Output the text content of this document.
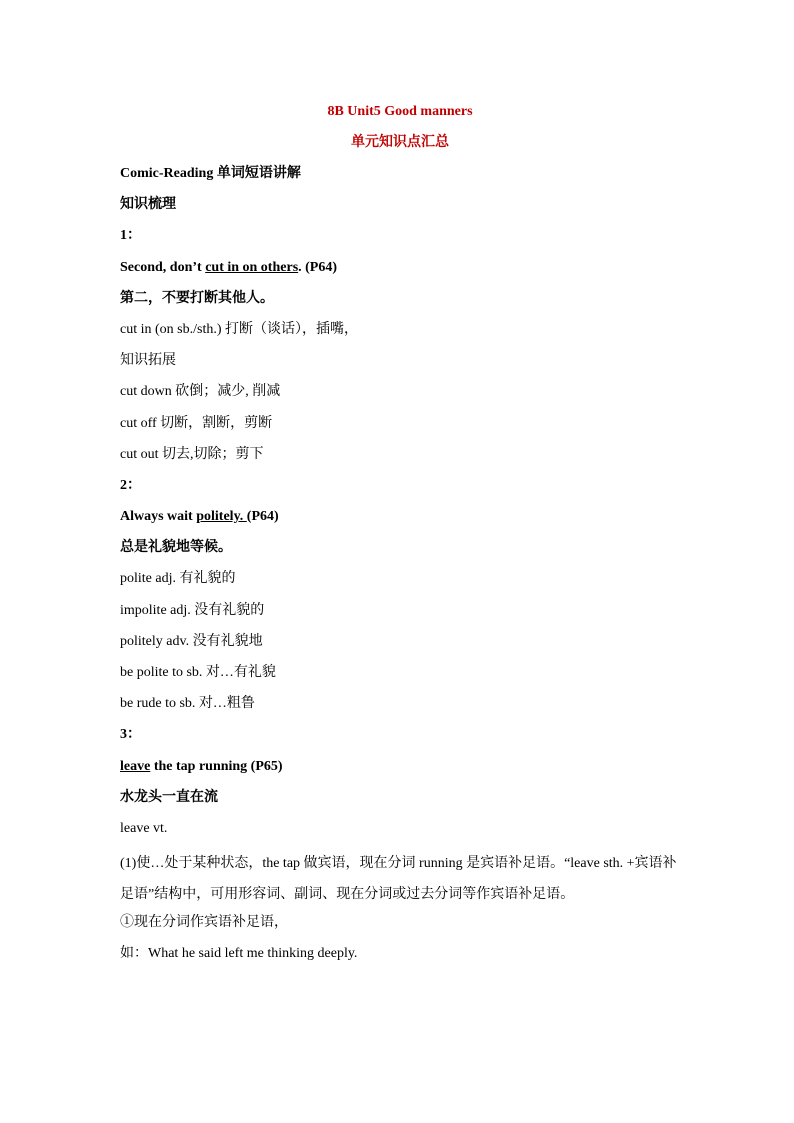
8B Unit5 Good manners
单元知识点汇总
Comic-Reading 单词短语讲解
知识梳理
1：
Second, don’t cut in on others. (P64)
第二，不要打断其他人。
cut in (on sb./sth.) 打断（谈话），插嘴，
知识拓展
cut down 砍倒；减少, 削减
cut off 切断，割断，剪断
cut out 切去,切除；剪下
2：
Always wait politely. (P64)
总是礼貌地等候。
polite adj. 有礼貌的
impolite adj. 没有礼貌的
politely adv. 没有礼貌地
be polite to sb. 对…有礼貌
be rude to sb. 对…粗鲁
3：
leave the tap running (P65)
水龙头一直在流
leave vt.
(1)使…处于某种状态，the tap 做宾语，现在分词 running 是宾语补足语。“leave sth. +宾语补足语”结构中，可用形容词、副词、现在分词或过去分词等作宾语补足语。
①现在分词作宾语补足语，
如：What he said left me thinking deeply.
